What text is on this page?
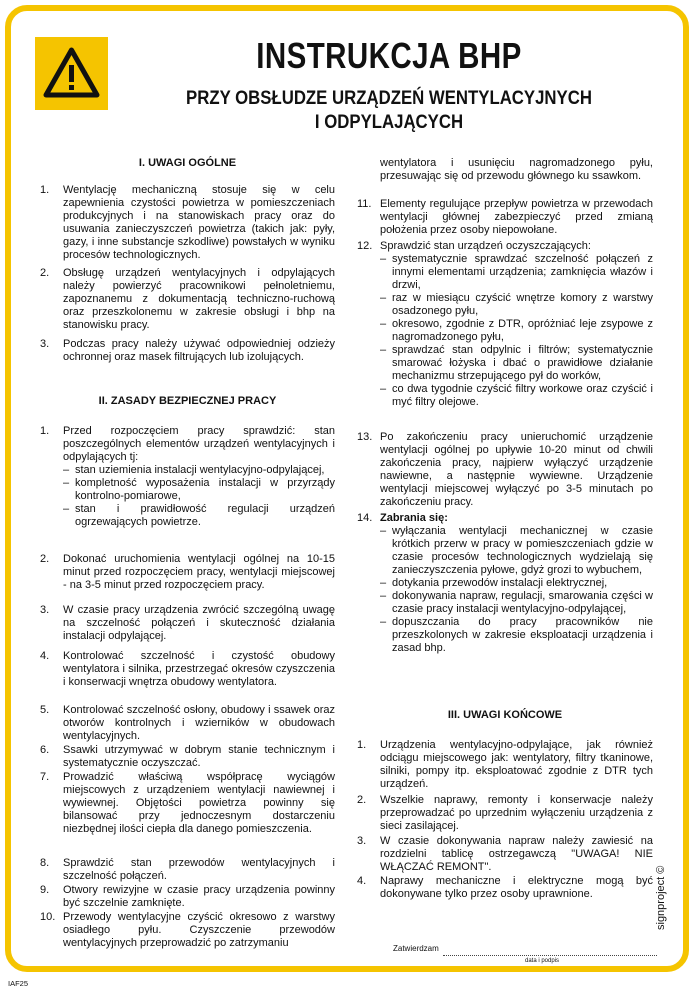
INSTRUKCJA BHP
PRZY OBSŁUDZE URZĄDZEŃ WENTYLACYJNYCH
I ODPYLAJĄCYCH
I. UWAGI OGÓLNE
1. Wentylację mechaniczną stosuje się w celu zapewnienia czystości powietrza w pomieszczeniach produkcyjnych i na stanowiskach pracy oraz do usuwania zanieczyszczeń powietrza (takich jak: pyły, gazy, i inne substancje szkodliwe) powstałych w wyniku procesów technologicznych.
2. Obsługę urządzeń wentylacyjnych i odpylających należy powierzyć pracownikowi pełnoletniemu, zapoznanemu z dokumentacją techniczno-ruchową oraz przeszkolonemu w zakresie obsługi i bhp na stanowisku pracy.
3. Podczas pracy należy używać odpowiedniej odzieży ochronnej oraz masek filtrujących lub izolujących.
II. ZASADY BEZPIECZNEJ PRACY
1. Przed rozpoczęciem pracy sprawdzić: stan poszczególnych elementów urządzeń wentylacyjnych i odpylających tj:
– stan uziemienia instalacji wentylacyjno-odpylającej,
– kompletność wyposażenia instalacji w przyrządy kontrolno-pomiarowe,
– stan i prawidłowość regulacji urządzeń ogrzewających powietrze.
2. Dokonać uruchomienia wentylacji ogólnej na 10-15 minut przed rozpoczęciem pracy, wentylacji miejscowej - na 3-5 minut przed rozpoczęciem pracy.
3. W czasie pracy urządzenia zwrócić szczególną uwagę na szczelność połączeń i skuteczność działania instalacji odpylającej.
4. Kontrolować szczelność i czystość obudowy wentylatora i silnika, przestrzegać okresów czyszczenia i konserwacji wnętrza obudowy wentylatora.
5. Kontrolować szczelność osłony, obudowy i ssawek oraz otworów kontrolnych i wzierników w obudowach wentylacyjnych.
6. Ssawki utrzymywać w dobrym stanie technicznym i systematycznie oczyszczać.
7. Prowadzić właściwą współpracę wyciągów miejscowych z urządzeniem wentylacji nawiewnej i wywiewnej. Objętości powietrza powinny się bilansować przy jednoczesnym dostarczeniu niezbędnej ilości ciepła dla danego pomieszczenia.
8. Sprawdzić stan przewodów wentylacyjnych i szczelność połączeń.
9. Otwory rewizyjne w czasie pracy urządzenia powinny być szczelnie zamknięte.
10. Przewody wentylacyjne czyścić okresowo z warstwy osiadłego pyłu. Czyszczenie przewodów wentylacyjnych przeprowadzić po zatrzymaniu
wentylatora i usunięciu nagromadzonego pyłu, przesuwając się od przewodu głównego ku ssawkom.
11. Elementy regulujące przepływ powietrza w przewodach wentylacji głównej zabezpieczyć przed zmianą położenia przez osoby niepowołane.
12. Sprawdzić stan urządzeń oczyszczających:
– systematycznie sprawdzać szczelność połączeń z innymi elementami urządzenia; zamknięcia włazów i drzwi,
– raz w miesiącu czyścić wnętrze komory z warstwy osadzonego pyłu,
– okresowo, zgodnie z DTR, opróżniać leje zsypowe z nagromadzonego pyłu,
– sprawdzać stan odpylnic i filtrów; systematycznie smarować łożyska i dbać o prawidłowe działanie mechanizmu strzepującego pył do worków,
– co dwa tygodnie czyścić filtry workowe oraz czyścić i myć filtry olejowe.
13. Po zakończeniu pracy unieruchomić urządzenie wentylacji ogólnej po upływie 10-20 minut od chwili zakończenia pracy, najpierw wyłączyć urządzenie nawiewne, a następnie wywiewne. Urządzenie wentylacji miejscowej wyłączyć po 3-5 minutach po zakończeniu pracy.
14. Zabrania się:
– wyłączania wentylacji mechanicznej w czasie krótkich przerw w pracy w pomieszczeniach gdzie w czasie procesów technologicznych wydzielają się zanieczyszczenia pyłowe, gdyż grozi to wybuchem,
– dotykania przewodów instalacji elektrycznej,
– dokonywania napraw, regulacji, smarowania części w czasie pracy instalacji wentylacyjno-odpylającej,
– dopuszczania do pracy pracowników nie przeszkolonych w zakresie eksploatacji urządzenia i zasad bhp.
III. UWAGI KOŃCOWE
1. Urządzenia wentylacyjno-odpylające, jak również odciągu miejscowego jak: wentylatory, filtry tkaninowe, silniki, pompy itp. eksploatować zgodnie z DTR tych urządzeń.
2. Wszelkie naprawy, remonty i konserwacje należy przeprowadzać po uprzednim wyłączeniu urządzenia z sieci zasilającej.
3. W czasie dokonywania napraw należy zawiesić na rozdzielni tablicę ostrzegawczą "UWAGA! NIE WŁĄCZAĆ REMONT".
4. Naprawy mechaniczne i elektryczne mogą być dokonywane tylko przez osoby uprawnione.
Zatwierdzam
data i podpis
signproject ©
IAF25
